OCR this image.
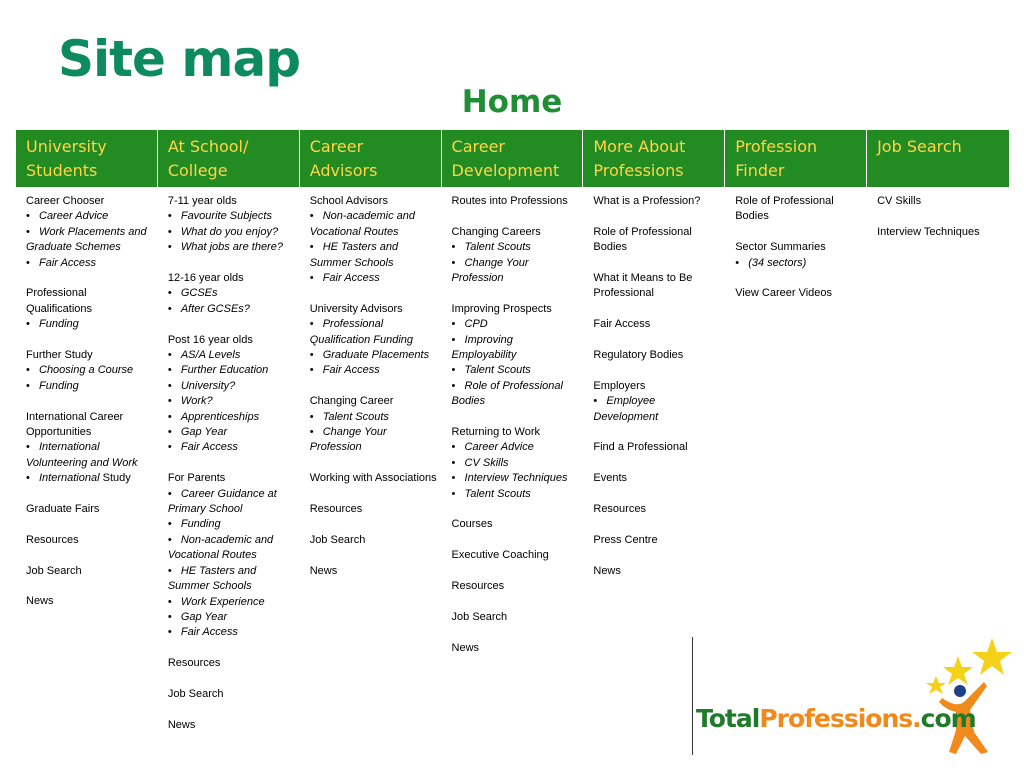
Site map
Home
University Students
At School/ College
Career Advisors
Career Development
More About Professions
Profession Finder
Job Search
Career Chooser
• Career Advice
• Work Placements and Graduate Schemes
• Fair Access
Professional Qualifications
• Funding
Further Study
• Choosing a Course
• Funding
International Career Opportunities
• International Volunteering and Work
• International Study
Graduate Fairs
Resources
Job Search
News
7-11 year olds
• Favourite Subjects
• What do you enjoy?
• What jobs are there?
12-16 year olds
• GCSEs
• After GCSEs?
Post 16 year olds
• AS/A Levels
• Further Education
• University?
• Work?
• Apprenticeships
• Gap Year
• Fair Access
For Parents
• Career Guidance at Primary School
• Funding
• Non-academic and Vocational Routes
• HE Tasters and Summer Schools
• Work Experience
• Gap Year
• Fair Access
Resources
Job Search
News
School Advisors
• Non-academic and Vocational Routes
• HE Tasters and Summer Schools
• Fair Access
University Advisors
• Professional Qualification Funding
• Graduate Placements
• Fair Access
Changing Career
• Talent Scouts
• Change Your Profession
Working with Associations
Resources
Job Search
News
Routes into Professions
Changing Careers
• Talent Scouts
• Change Your Profession
Improving Prospects
• CPD
• Improving Employability
• Talent Scouts
• Role of Professional Bodies
Returning to Work
• Career Advice
• CV Skills
• Interview Techniques
• Talent Scouts
Courses
Executive Coaching
Resources
Job Search
News
What is a Profession?
Role of Professional Bodies
What it Means to Be Professional
Fair Access
Regulatory Bodies
Employers
• Employee Development
Find a Professional
Events
Resources
Press Centre
News
Role of Professional Bodies
Sector Summaries
• (34 sectors)
View Career Videos
CV Skills
Interview Techniques
TotalProfessions.com
